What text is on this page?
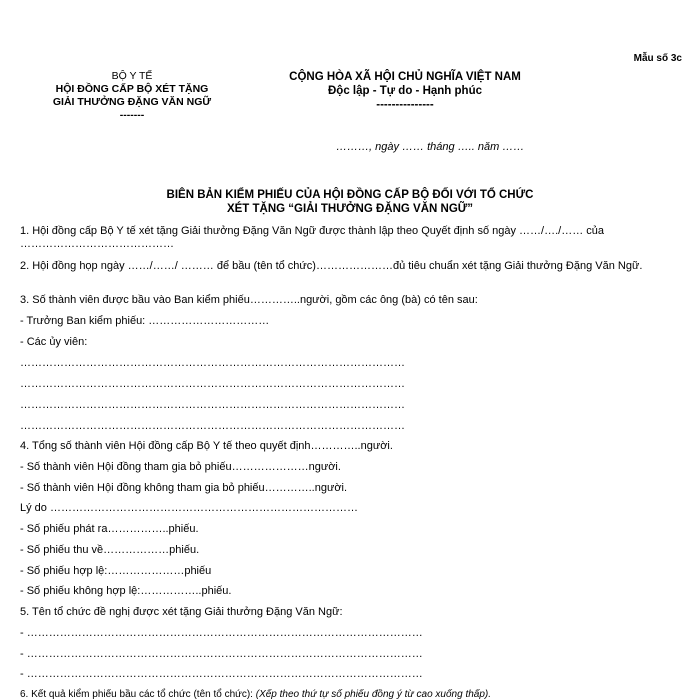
Mẫu số 3c
BỘ Y TẾ
HỘI ĐỒNG CẤP BỘ XÉT TẶNG
GIẢI THƯỞNG ĐẶNG VĂN NGỮ
-------
CỘNG HÒA XÃ HỘI CHỦ NGHĨA VIỆT NAM
Độc lập - Tự do - Hạnh phúc
---------------
………, ngày …… tháng ….. năm ……
BIÊN BẢN KIỂM PHIẾU CỦA HỘI ĐỒNG CẤP BỘ ĐỐI VỚI TỔ CHỨC
XÉT TẶNG “GIẢI THƯỞNG ĐẶNG VĂN NGỮ”
1. Hội đồng cấp Bộ Y tế xét tặng Giải thưởng Đặng Văn Ngữ được thành lập theo Quyết định số ngày ……/…./…… của ……………………………………
2. Hội đồng họp ngày ……/……/ ……… để bầu (tên tổ chức)…………………đủ tiêu chuẩn xét tặng Giải thưởng Đặng Văn Ngữ.
3. Số thành viên được bầu vào Ban kiểm phiếu…………..người, gồm các ông (bà) có tên sau:
- Trưởng Ban kiểm phiếu: ……………………………
- Các ủy viên:
……………………………………………………………………………………………
……………………………………………………………………………………………
……………………………………………………………………………………………
……………………………………………………………………………………………
4. Tổng số thành viên Hội đồng cấp Bộ Y tế theo quyết định…………..người.
- Số thành viên Hội đồng tham gia bỏ phiếu…………………người.
- Số thành viên Hội đồng không tham gia bỏ phiếu…………..người.
Lý do …………………………………………………………………………
- Số phiếu phát ra……………..phiếu.
- Số phiếu thu về………………phiếu.
- Số phiếu hợp lệ:…………………phiếu
- Số phiếu không hợp lệ:……………..phiếu.
5. Tên tổ chức đề nghị được xét tặng Giải thưởng Đặng Văn Ngữ:
- ………………………………………………………………………………………………
- ………………………………………………………………………………………………
- ………………………………………………………………………………………………
6. Kết quả kiểm phiếu bầu các tổ chức (tên tổ chức): (Xếp theo thứ tự số phiếu đồng ý từ cao xuống thấp).
